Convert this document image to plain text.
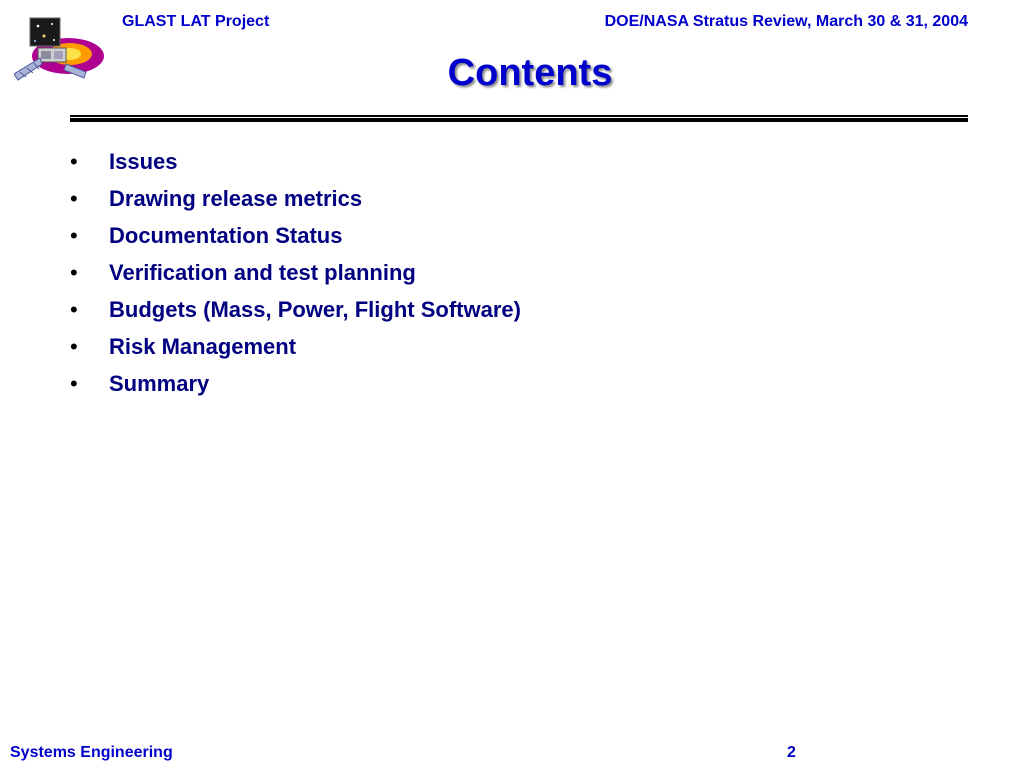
GLAST LAT Project	DOE/NASA Stratus Review, March 30 & 31, 2004
Contents
•	Issues
•	Drawing release metrics
•	Documentation Status
•	Verification and test planning
•	Budgets (Mass, Power, Flight Software)
•	Risk Management
•	Summary
Systems Engineering	2
